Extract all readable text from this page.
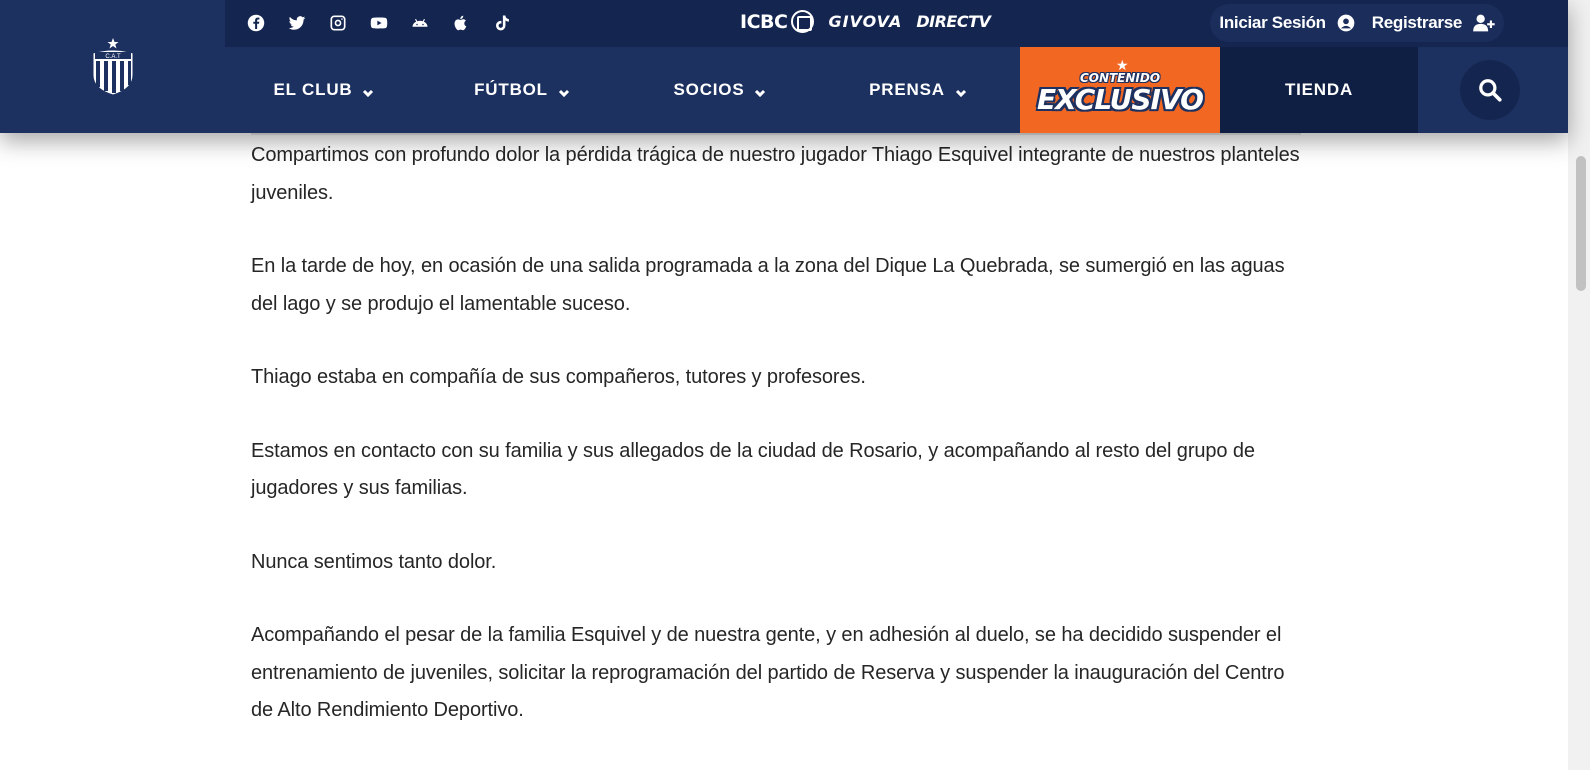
C.A.T
ICBC	GIVOVA DIRECTV	Iniciar Sesión	Registrarse
EL CLUB	FÚTBOL	SOCIOS	PRENSA
★
CONTENIDO
EXCLUSIVO	TIENDA

Compartimos con profundo dolor la pérdida trágica de nuestro jugador Thiago Esquivel integrante de nuestros planteles juveniles.

En la tarde de hoy, en ocasión de una salida programada a la zona del Dique La Quebrada, se sumergió en las aguas del lago y se produjo el lamentable suceso.

Thiago estaba en compañía de sus compañeros, tutores y profesores.

Estamos en contacto con su familia y sus allegados de la ciudad de Rosario, y acompañando al resto del grupo de jugadores y sus familias.

Nunca sentimos tanto dolor.

Acompañando el pesar de la familia Esquivel y de nuestra gente, y en adhesión al duelo, se ha decidido suspender el entrenamiento de juveniles, solicitar la reprogramación del partido de Reserva y suspender la inauguración del Centro de Alto Rendimiento Deportivo.
